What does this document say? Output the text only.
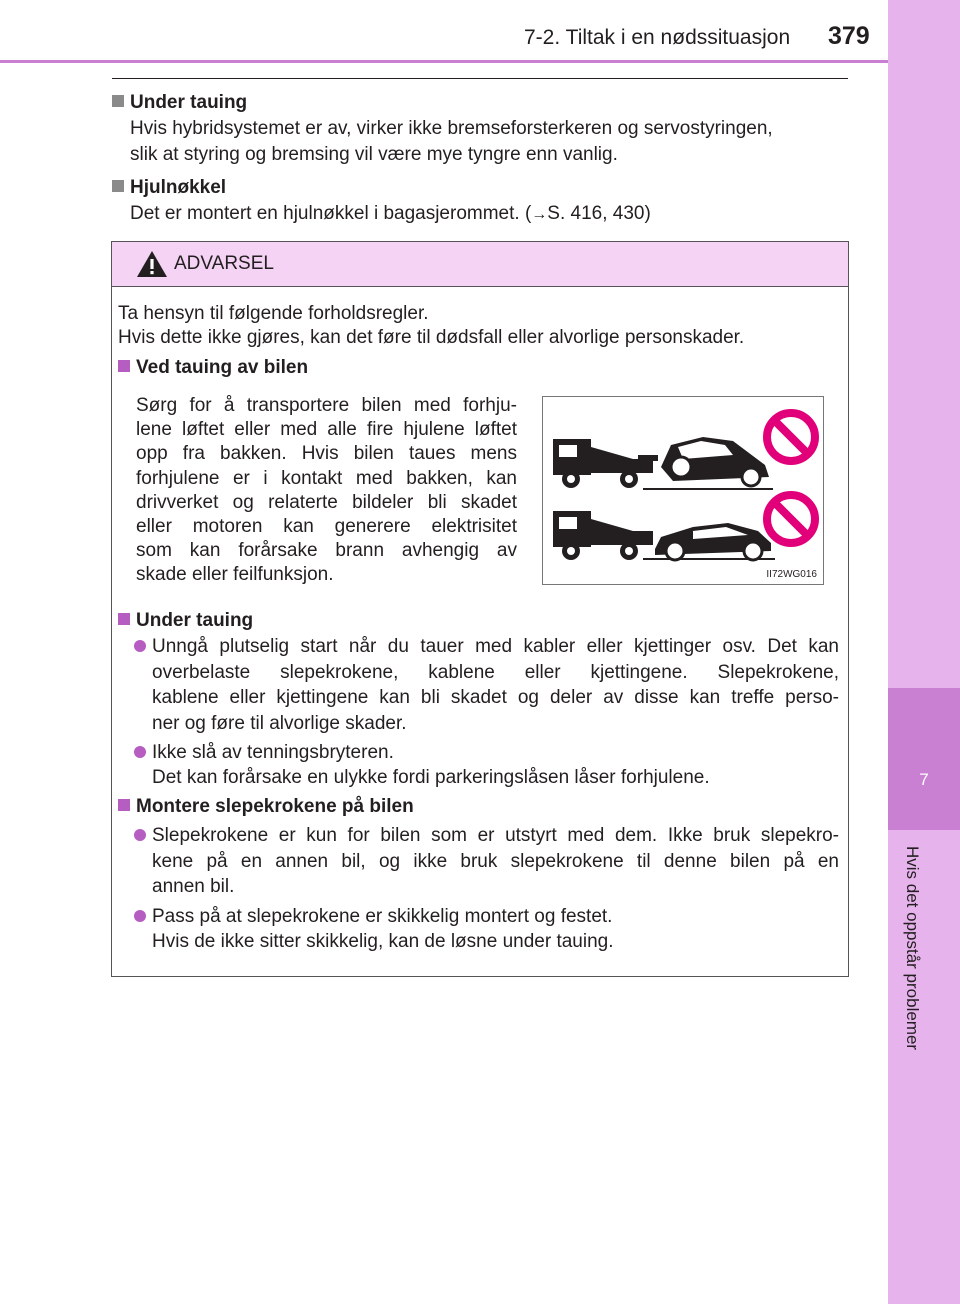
7
Hvis det oppstår problemer
7-2. Tiltak i en nødssituasjon 379
Under tauing
Hvis hybridsystemet er av, virker ikke bremseforsterkeren og servostyringen,
slik at styring og bremsing vil være mye tyngre enn vanlig.
Hjulnøkkel
Det er montert en hjulnøkkel i bagasjerommet. (→S. 416, 430)
ADVARSEL
Ta hensyn til følgende forholdsregler.
Hvis dette ikke gjøres, kan det føre til dødsfall eller alvorlige personskader.
Ved tauing av bilen
Sørg for å transportere bilen med forhju-
lene løftet eller med alle fire hjulene løftet
opp fra bakken. Hvis bilen taues mens
forhjulene er i kontakt med bakken, kan
drivverket og relaterte bildeler bli skadet
eller motoren kan generere elektrisitet
som kan forårsake brann avhengig av
skade eller feilfunksjon.	II72WG016
Under tauing
Unngå plutselig start når du tauer med kabler eller kjettinger osv. Det kan
overbelaste slepekrokene, kablene eller kjettingene. Slepekrokene,
kablene eller kjettingene kan bli skadet og deler av disse kan treffe perso-
ner og føre til alvorlige skader.
Ikke slå av tenningsbryteren.
Det kan forårsake en ulykke fordi parkeringslåsen låser forhjulene.
Montere slepekrokene på bilen
Slepekrokene er kun for bilen som er utstyrt med dem. Ikke bruk slepekro-
kene på en annen bil, og ikke bruk slepekrokene til denne bilen på en
annen bil.
Pass på at slepekrokene er skikkelig montert og festet.
Hvis de ikke sitter skikkelig, kan de løsne under tauing.
